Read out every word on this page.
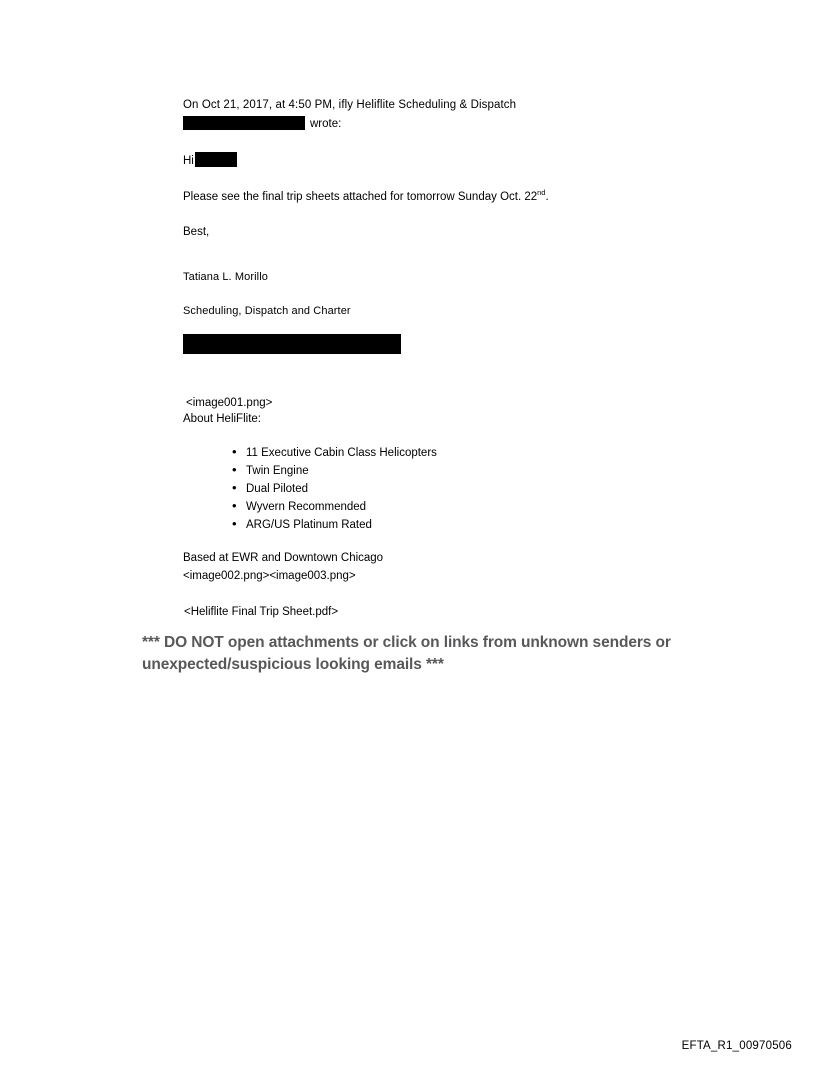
On Oct 21, 2017, at 4:50 PM, ifly Heliflite Scheduling & Dispatch
wrote:
Hi
Please see the final trip sheets attached for tomorrow Sunday Oct. 22nd.
Best,
Tatiana L. Morillo
Scheduling, Dispatch and Charter
<image001.png>
About HeliFlite:
• 11 Executive Cabin Class Helicopters
• Twin Engine
• Dual Piloted
• Wyvern Recommended
• ARG/US Platinum Rated
Based at EWR and Downtown Chicago
<image002.png><image003.png>
<Heliflite Final Trip Sheet.pdf>
*** DO NOT open attachments or click on links from unknown senders or unexpected/suspicious looking emails ***
EFTA_R1_00970506
